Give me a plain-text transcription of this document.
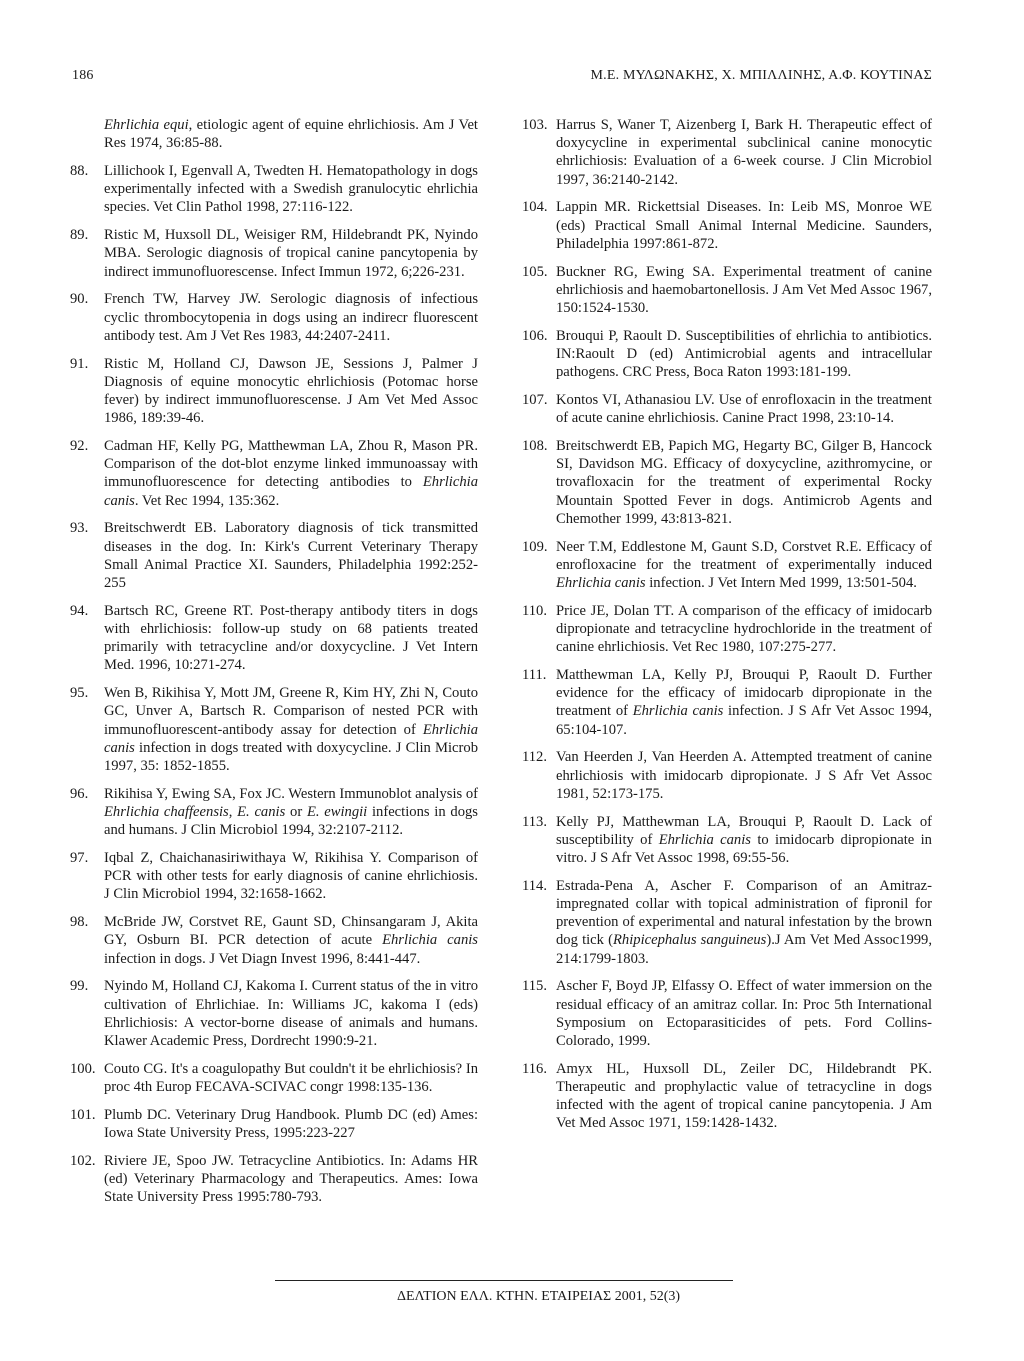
186	Μ.Ε. ΜΥΛΩΝΑΚΗΣ, Χ. ΜΠΙΛΛΙΝΗΣ, Α.Φ. ΚΟΥΤΙΝΑΣ
Ehrlichia equi, etiologic agent of equine ehrlichiosis. Am J Vet Res 1974, 36:85-88.
88.	Lillichook I, Egenvall A, Twedten H. Hematopathology in dogs experimentally infected with a Swedish granulocytic ehrlichia species. Vet Clin Pathol 1998, 27:116-122.
89.	Ristic M, Huxsoll DL, Weisiger RM, Hildebrandt PK, Nyindo MBA. Serologic diagnosis of tropical canine pancytopenia by indirect immunofluorescense. Infect Immun 1972, 6;226-231.
90.	French TW, Harvey JW. Serologic diagnosis of infectious cyclic thrombocytopenia in dogs using an indirecr fluorescent antibody test. Am J Vet Res 1983, 44:2407-2411.
91.	Ristic M, Holland CJ, Dawson JE, Sessions J, Palmer J Diagnosis of equine monocytic ehrlichiosis (Potomac horse fever) by indirect immunofluorescense. J Am Vet Med Assoc 1986, 189:39-46.
92.	Cadman HF, Kelly PG, Matthewman LA, Zhou R, Mason PR. Comparison of the dot-blot enzyme linked immunoassay with immunofluorescence for detecting antibodies to Ehrlichia canis. Vet Rec 1994, 135:362.
93.	Breitschwerdt EB. Laboratory diagnosis of tick transmitted diseases in the dog. In: Kirk's Current Veterinary Therapy Small Animal Practice XI. Saunders, Philadelphia 1992:252-255
94.	Bartsch RC, Greene RT. Post-therapy antibody titers in dogs with ehrlichiosis: follow-up study on 68 patients treated primarily with tetracycline and/or doxycycline. J Vet Intern Med. 1996, 10:271-274.
95.	Wen B, Rikihisa Y, Mott JM, Greene R, Kim HY, Zhi N, Couto GC, Unver A, Bartsch R. Comparison of nested PCR with immunofluorescent-antibody assay for detection of Ehrlichia canis infection in dogs treated with doxycycline. J Clin Microb 1997, 35: 1852-1855.
96.	Rikihisa Y, Ewing SA, Fox JC. Western Immunoblot analysis of Ehrlichia chaffeensis, E. canis or E. ewingii infections in dogs and humans. J Clin Microbiol 1994, 32:2107-2112.
97.	Iqbal Z, Chaichanasiriwithaya W, Rikihisa Y. Comparison of PCR with other tests for early diagnosis of canine ehrlichiosis. J Clin Microbiol 1994, 32:1658-1662.
98.	McBride JW, Corstvet RE, Gaunt SD, Chinsangaram J, Akita GY, Osburn BI. PCR detection of acute Ehrlichia canis infection in dogs. J Vet Diagn Invest 1996, 8:441-447.
99.	Nyindo M, Holland CJ, Kakoma I. Current status of the in vitro cultivation of Ehrlichiae. In: Williams JC, kakoma I (eds) Ehrlichiosis: A vector-borne disease of animals and humans. Klawer Academic Press, Dordrecht 1990:9-21.
100. Couto CG. It's a coagulopathy But couldn't it be ehrlichiosis? In proc 4th Europ FECAVA-SCIVAC congr 1998:135-136.
101. Plumb DC. Veterinary Drug Handbook. Plumb DC (ed) Ames: Iowa State University Press, 1995:223-227
102. Riviere JE, Spoo JW. Tetracycline Antibiotics. In: Adams HR (ed) Veterinary Pharmacology and Therapeutics. Ames: Iowa State University Press 1995:780-793.
103. Harrus S, Waner T, Aizenberg I, Bark H. Therapeutic effect of doxycycline in experimental subclinical canine monocytic ehrlichiosis: Evaluation of a 6-week course. J Clin Microbiol 1997, 36:2140-2142.
104. Lappin MR. Rickettsial Diseases. In: Leib MS, Monroe WE (eds) Practical Small Animal Internal Medicine. Saunders, Philadelphia 1997:861-872.
105. Buckner RG, Ewing SA. Experimental treatment of canine ehrlichiosis and haemobartonellosis. J Am Vet Med Assoc 1967, 150:1524-1530.
106. Brouqui P, Raoult D. Susceptibilities of ehrlichia to antibiotics. IN:Raoult D (ed) Antimicrobial agents and intracellular pathogens. CRC Press, Boca Raton 1993:181-199.
107. Kontos VI, Athanasiou LV. Use of enrofloxacin in the treatment of acute canine ehrlichiosis. Canine Pract 1998, 23:10-14.
108. Breitschwerdt EB, Papich MG, Hegarty BC, Gilger B, Hancock SI, Davidson MG. Efficacy of doxycycline, azithromycine, or trovafloxacin for the treatment of experimental Rocky Mountain Spotted Fever in dogs. Antimicrob Agents and Chemother 1999, 43:813-821.
109. Neer T.M, Eddlestone M, Gaunt S.D, Corstvet R.E. Efficacy of enrofloxacine for the treatment of experimentally induced Ehrlichia canis infection. J Vet Intern Med 1999, 13:501-504.
110. Price JE, Dolan TT. A comparison of the efficacy of imidocarb dipropionate and tetracycline hydrochloride in the treatment of canine ehrlichiosis. Vet Rec 1980, 107:275-277.
111. Matthewman LA, Kelly PJ, Brouqui P, Raoult D. Further evidence for the efficacy of imidocarb dipropionate in the treatment of Ehrlichia canis infection. J S Afr Vet Assoc 1994, 65:104-107.
112. Van Heerden J, Van Heerden A. Attempted treatment of canine ehrlichiosis with imidocarb dipropionate. J S Afr Vet Assoc 1981, 52:173-175.
113. Kelly PJ, Matthewman LA, Brouqui P, Raoult D. Lack of susceptibility of Ehrlichia canis to imidocarb dipropionate in vitro. J S Afr Vet Assoc 1998, 69:55-56.
114. Estrada-Pena A, Ascher F. Comparison of an Amitraz-impregnated collar with topical administration of fipronil for prevention of experimental and natural infestation by the brown dog tick (Rhipicephalus sanguineus).J Am Vet Med Assoc1999, 214:1799-1803.
115. Ascher F, Boyd JP, Elfassy O. Effect of water immersion on the residual efficacy of an amitraz collar. In: Proc 5th International Symposium on Ectoparasiticides of pets. Ford Collins-Colorado, 1999.
116. Amyx HL, Huxsoll DL, Zeiler DC, Hildebrandt PK. Therapeutic and prophylactic value of tetracycline in dogs infected with the agent of tropical canine pancytopenia. J Am Vet Med Assoc 1971, 159:1428-1432.
ΔΕΛΤΙΟΝ ΕΛΛ. ΚΤΗΝ. ΕΤΑΙΡΕΙΑΣ 2001, 52(3)
